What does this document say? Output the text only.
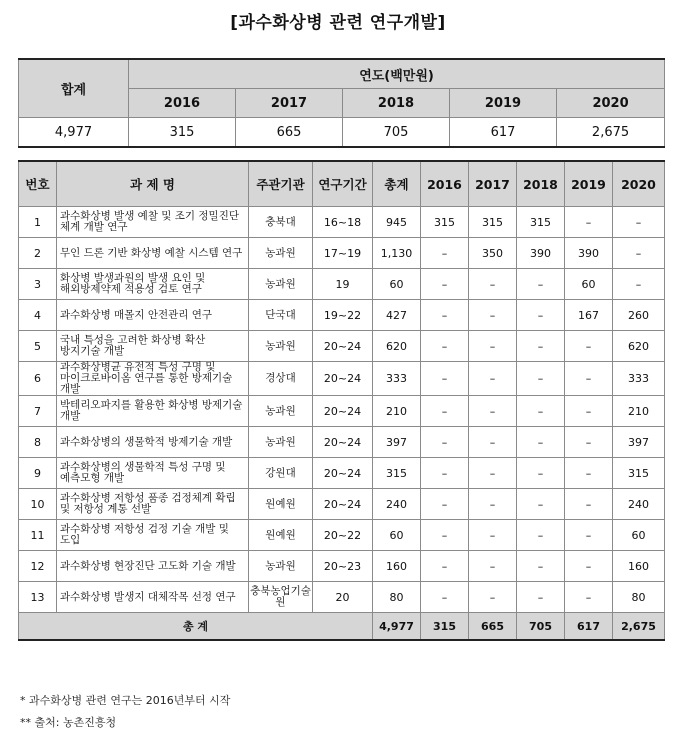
[과수화상병 관련 연구개발]
합계	연도(백만원)				
	2016	2017	2018	2019	2020
4,977	315	665	705	617	2,675
번호	과 제 명	주관기관	연구기간	총계	2016	2017	2018	2019	2020
1	과수화상병 발생 예찰 및 조기 정밀진단 체계 개발 연구	충북대	16~18	945	315	315	315	–	–
2	무인 드론 기반 화상병 예찰 시스템 연구	농과원	17~19	1,130	–	350	390	390	–
3	화상병 발생과원의 발생 요인 및 해외방제약제 적용성 검토 연구	농과원	19	60	–	–	–	60	–
4	과수화상병 매몰지 안전관리 연구	단국대	19~22	427	–	–	–	167	260
5	국내 특성을 고려한 화상병 확산 방지기술 개발	농과원	20~24	620	–	–	–	–	620
6	과수화상병균 유전적 특성 구명 및 마이크로바이옴 연구를 통한 방제기술 개발	경상대	20~24	333	–	–	–	–	333
7	박테리오파지를 활용한 화상병 방제기술 개발	농과원	20~24	210	–	–	–	–	210
8	과수화상병의 생물학적 방제기술 개발	농과원	20~24	397	–	–	–	–	397
9	과수화상병의 생물학적 특성 구명 및 예측모형 개발	강원대	20~24	315	–	–	–	–	315
10	과수화상병 저항성 품종 검정체계 확립 및 저항성 계통 선발	원예원	20~24	240	–	–	–	–	240
11	과수화상병 저항성 검정 기술 개발 및 도입	원예원	20~22	60	–	–	–	–	60
12	과수화상병 현장진단 고도화 기술 개발	농과원	20~23	160	–	–	–	–	160
13	과수화상병 발생지 대체작목 선정 연구	충북농업기술원	20	80	–	–	–	–	80
총 계				4,977	315	665	705	617	2,675
* 과수화상병 관련 연구는 2016년부터 시작
** 출처: 농촌진흥청
